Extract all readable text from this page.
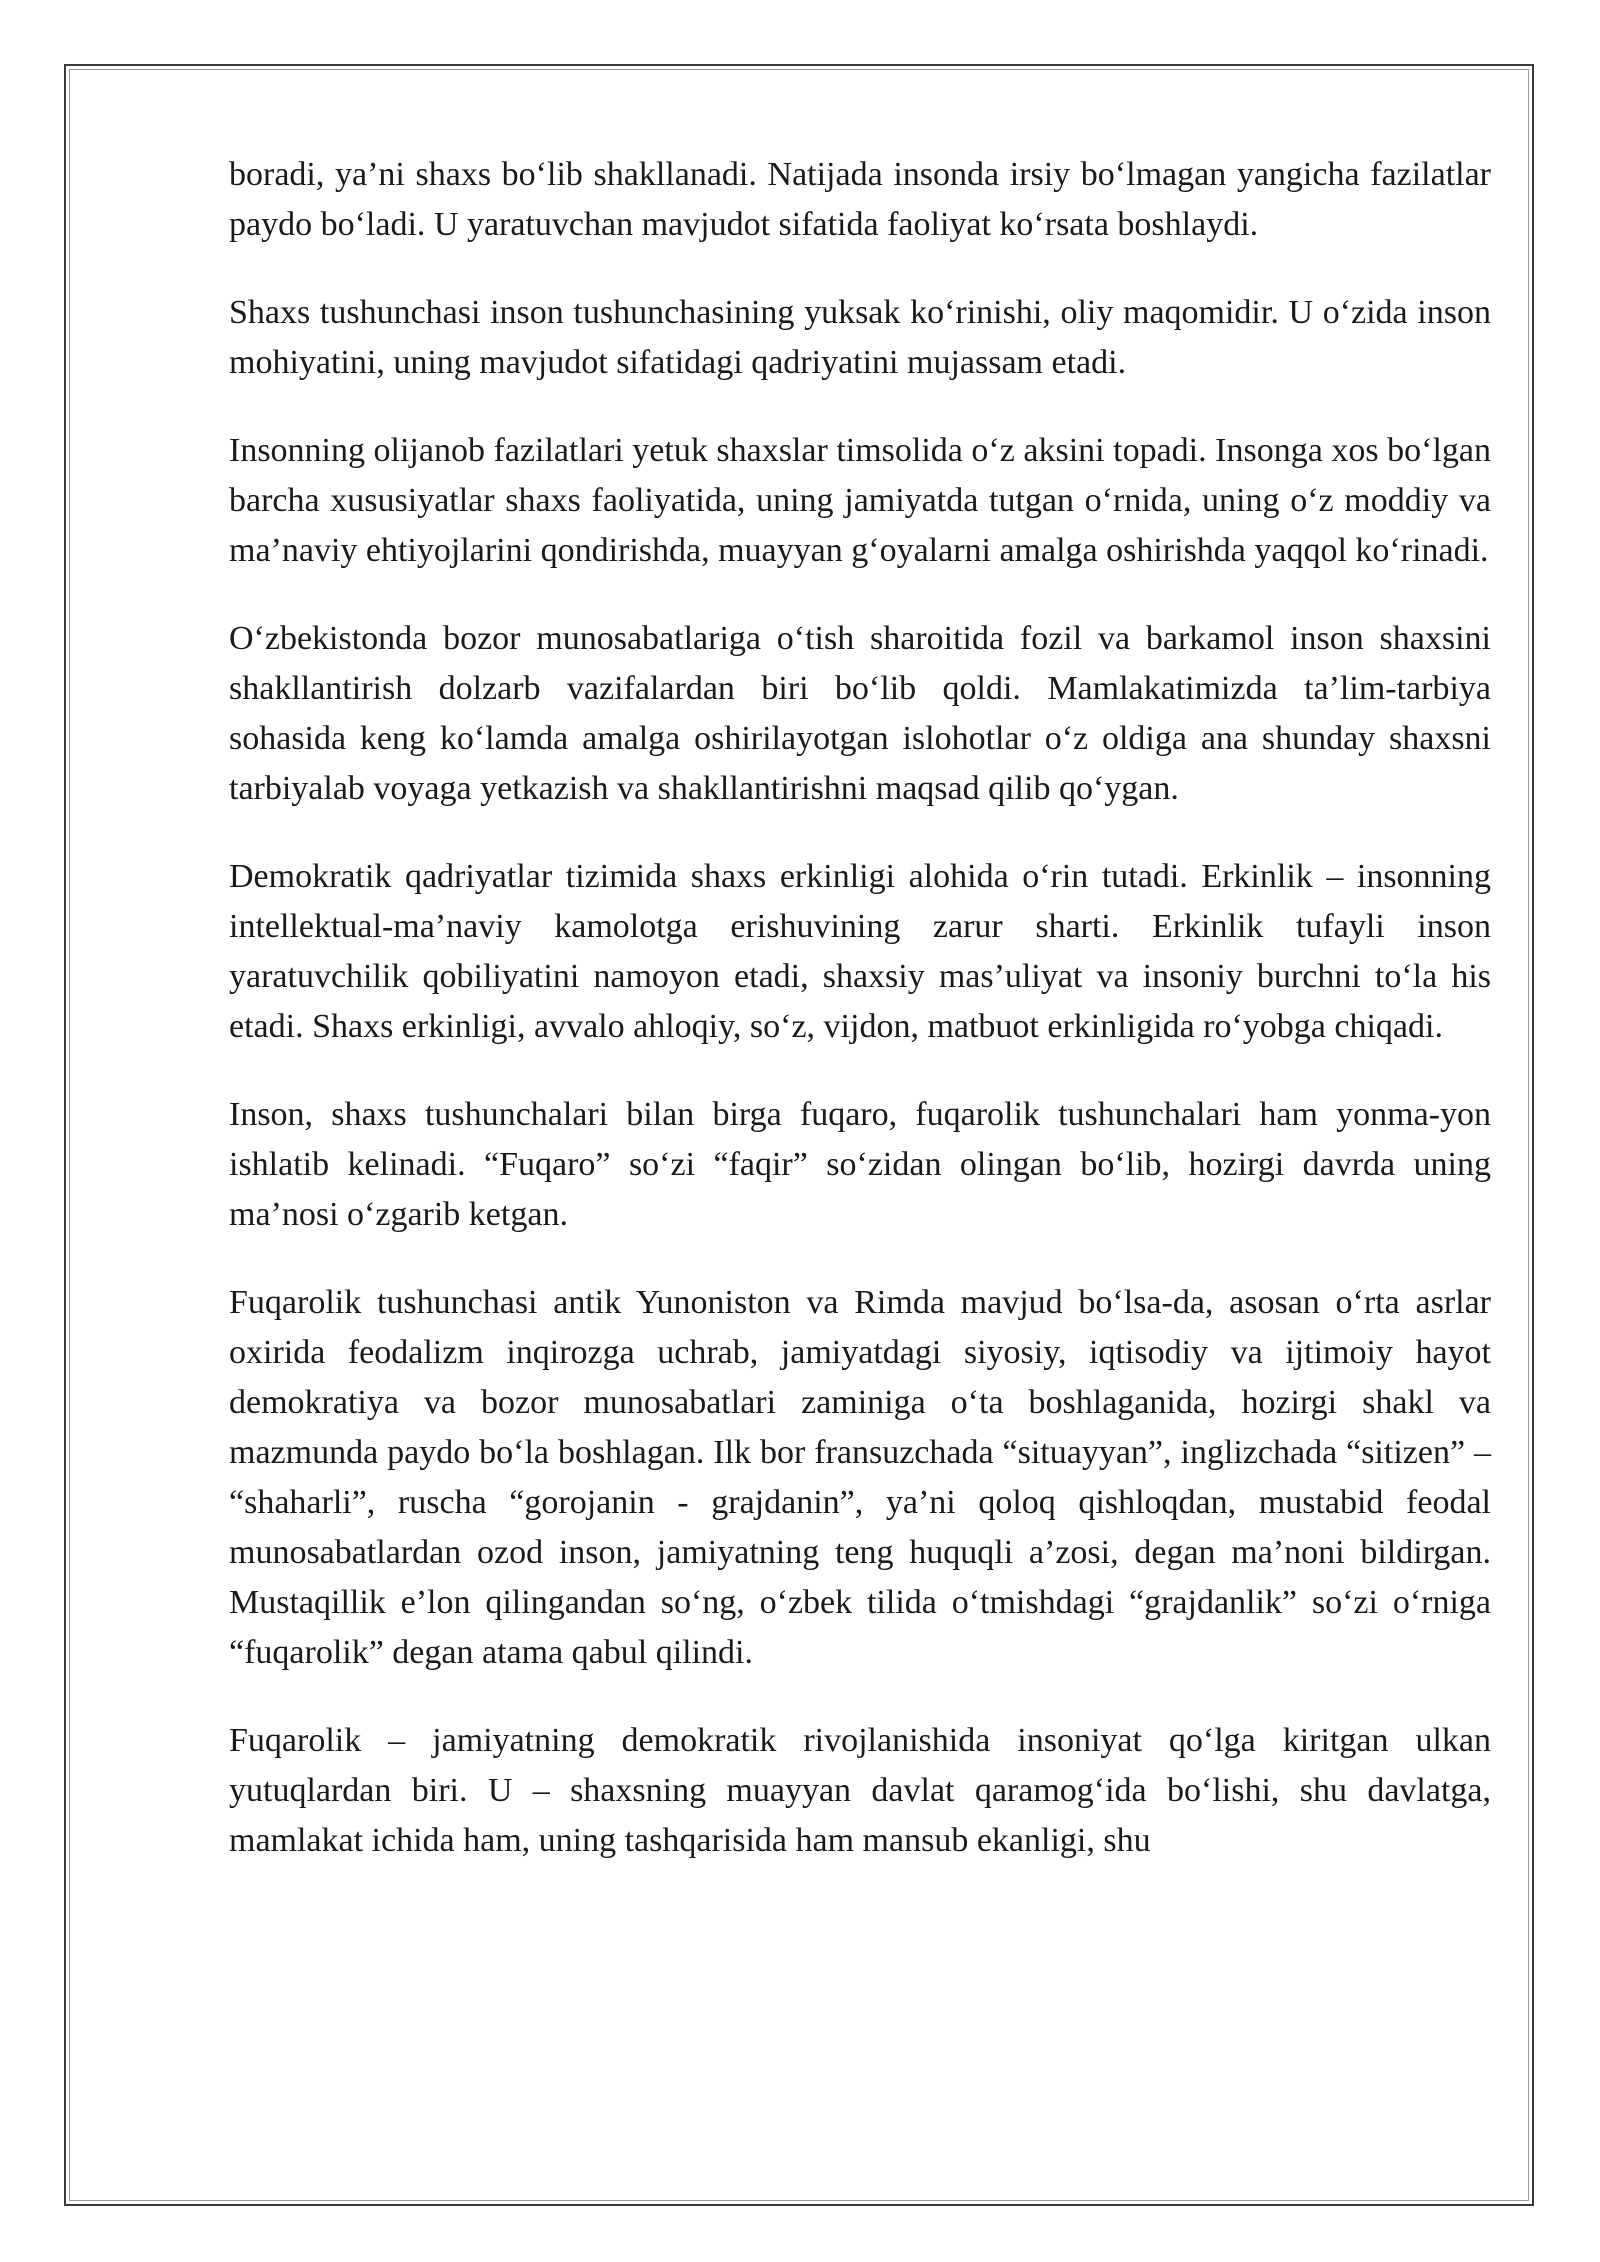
boradi, ya’ni shaxs bo‘lib shakllanadi. Natijada insonda irsiy bo‘lmagan yangicha fazilatlar paydo bo‘ladi. U yaratuvchan mavjudot sifatida faoliyat ko‘rsata boshlaydi.

Shaxs tushunchasi inson tushunchasining yuksak ko‘rinishi, oliy maqomidir. U o‘zida inson mohiyatini, uning mavjudot sifatidagi qadriyatini mujassam etadi.

Insonning olijanob fazilatlari yetuk shaxslar timsolida o‘z aksini topadi. Insonga xos bo‘lgan barcha xususiyatlar shaxs faoliyatida, uning jamiyatda tutgan o‘rnida, uning o‘z moddiy va ma’naviy ehtiyojlarini qondirishda, muayyan g‘oyalarni amalga oshirishda yaqqol ko‘rinadi.

O‘zbekistonda bozor munosabatlariga o‘tish sharoitida fozil va barkamol inson shaxsini shakllantirish dolzarb vazifalardan biri bo‘lib qoldi. Mamlakatimizda ta’lim-tarbiya sohasida keng ko‘lamda amalga oshirilayotgan islohotlar o‘z oldiga ana shunday shaxsni tarbiyalab voyaga yetkazish va shakllantirishni maqsad qilib qo‘ygan.

Demokratik qadriyatlar tizimida shaxs erkinligi alohida o‘rin tutadi. Erkinlik – insonning intellektual-ma’naviy kamolotga erishuvining zarur sharti. Erkinlik tufayli inson yaratuvchilik qobiliyatini namoyon etadi, shaxsiy mas’uliyat va insoniy burchni to‘la his etadi. Shaxs erkinligi, avvalo ahloqiy, so‘z, vijdon, matbuot erkinligida ro‘yobga chiqadi.

Inson, shaxs tushunchalari bilan birga fuqaro, fuqarolik tushunchalari ham yonma-yon ishlatib kelinadi. “Fuqaro” so‘zi “faqir” so‘zidan olingan bo‘lib, hozirgi davrda uning ma’nosi o‘zgarib ketgan.

Fuqarolik tushunchasi antik Yunoniston va Rimda mavjud bo‘lsa-da, asosan o‘rta asrlar oxirida feodalizm inqirozga uchrab, jamiyatdagi siyosiy, iqtisodiy va ijtimoiy hayot demokratiya va bozor munosabatlari zaminiga o‘ta boshlaganida, hozirgi shakl va mazmunda paydo bo‘la boshlagan. Ilk bor fransuzchada “situayyan”, inglizchada “sitizen” – “shaharli”, ruscha “gorojanin - grajdanin”, ya’ni qoloq qishloqdan, mustabid feodal munosabatlardan ozod inson, jamiyatning teng huquqli a’zosi, degan ma’noni bildirgan. Mustaqillik e’lon qilingandan so‘ng, o‘zbek tilida o‘tmishdagi “grajdanlik” so‘zi o‘rniga “fuqarolik” degan atama qabul qilindi.

Fuqarolik – jamiyatning demokratik rivojlanishida insoniyat qo‘lga kiritgan ulkan yutuqlardan biri. U – shaxsning muayyan davlat qaramog‘ida bo‘lishi, shu davlatga, mamlakat ichida ham, uning tashqarisida ham mansub ekanligi, shu
